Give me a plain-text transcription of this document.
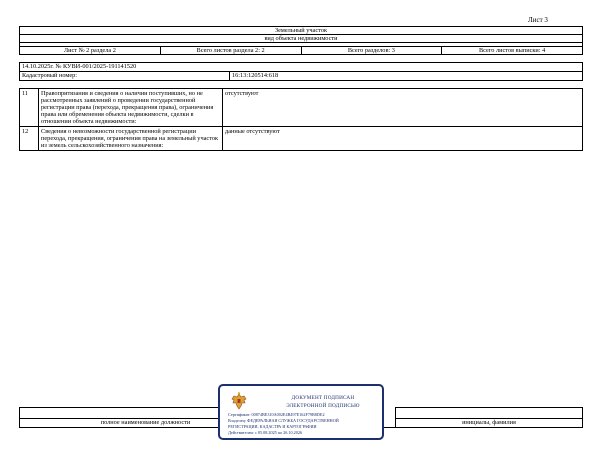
Лист 3
Земельный участок
вид объекта недвижимости

Лист № 2 раздела 2	Всего листов раздела 2: 2	Всего разделов: 3	Всего листов выписки: 4
14.10.2025г. № КУВИ-001/2025-191141520
Кадастровый номер:	16:13:120514:618
11	Правопритязания и сведения о наличии поступивших, но не рассмотренных заявлений о проведении государственной регистрации права (перехода, прекращения права), ограничения права или обременения объекта недвижимости, сделки в отношении объекта недвижимости:	отсутствуют
12	Сведения о невозможности государственной регистрации перехода, прекращения, ограничения права на земельный участок из земель сельскохозяйственного назначения:	данные отсутствуют

полное наименование должности		инициалы, фамилия
ДОКУМЕНТ ПОДПИСАН
ЭЛЕКТРОННОЙ ПОДПИСЬЮ
Сертификат: 00874BE310A002E4B497E162F79B8DE2
Владелец: ФЕДЕРАЛЬНАЯ СЛУЖБА ГОСУДАРСТВЕННОЙ
РЕГИСТРАЦИИ, КАДАСТРА И КАРТОГРАФИИ
Действителен: с 05.08.2025 по 26.10.2026
